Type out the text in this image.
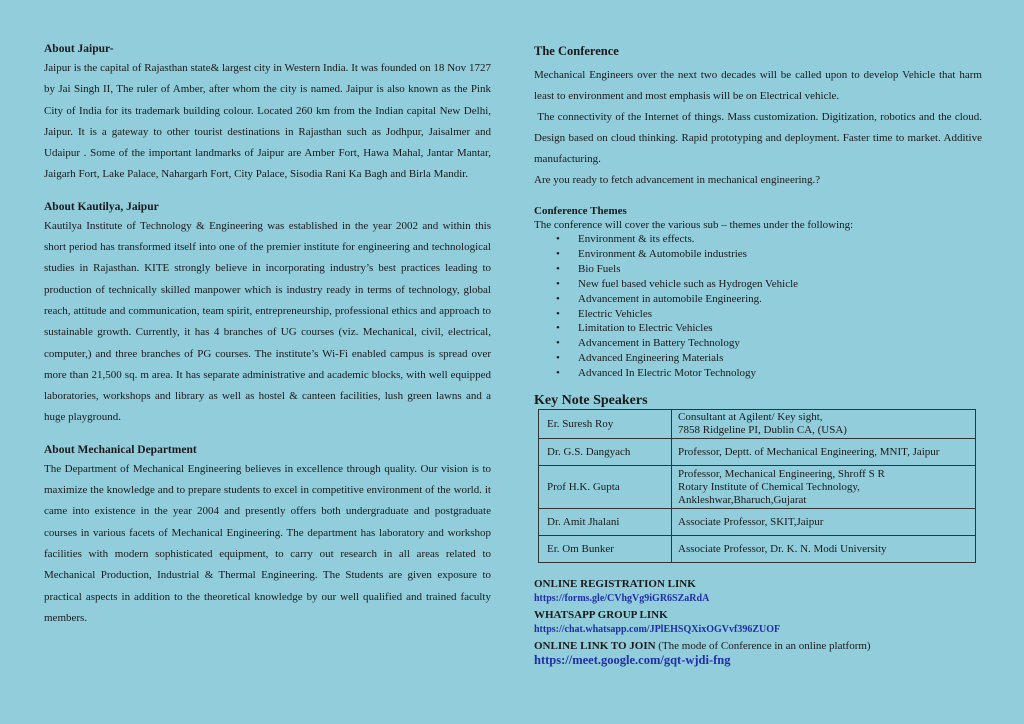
About Jaipur-

Jaipur is the capital of Rajasthan state& largest city in Western India. It was founded on 18 Nov 1727 by Jai Singh II, The ruler of Amber, after whom the city is named. Jaipur is also known as the Pink City of India for its trademark building colour. Located 260 km from the Indian capital New Delhi, Jaipur. It is a gateway to other tourist destinations in Rajasthan such as Jodhpur, Jaisalmer and Udaipur . Some of the important landmarks of Jaipur are Amber Fort, Hawa Mahal, Jantar Mantar, Jaigarh Fort, Lake Palace, Nahargarh Fort, City Palace, Sisodia Rani Ka Bagh and Birla Mandir.

About Kautilya, Jaipur

Kautilya Institute of Technology & Engineering was established in the year 2002 and within this short period has transformed itself into one of the premier institute for engineering and technological studies in Rajasthan. KITE strongly believe in incorporating industry’s best practices leading to production of technically skilled manpower which is industry ready in terms of technology, global reach, attitude and communication, team spirit, entrepreneurship, professional ethics and approach to sustainable growth. Currently, it has 4 branches of UG courses (viz. Mechanical, civil, electrical, computer,) and three branches of PG courses. The institute’s Wi-Fi enabled campus is spread over more than 21,500 sq. m area. It has separate administrative and academic blocks, with well equipped laboratories, workshops and library as well as hostel & canteen facilities, lush green lawns and a huge playground.

About Mechanical Department

The Department of Mechanical Engineering believes in excellence through quality. Our vision is to maximize the knowledge and to prepare students to excel in competitive environment of the world. it came into existence in the year 2004 and presently offers both undergraduate and postgraduate courses in various facets of Mechanical Engineering. The department has laboratory and workshop facilities with modern sophisticated equipment, to carry out research in all areas related to Mechanical Production, Industrial & Thermal Engineering. The Students are given exposure to practical aspects in addition to the theoretical knowledge by our well qualified and trained faculty members.

The Conference

Mechanical Engineers over the next two decades will be called upon to develop Vehicle that harm least to environment and most emphasis will be on Electrical vehicle.

The connectivity of the Internet of things. Mass customization. Digitization, robotics and the cloud. Design based on cloud thinking. Rapid prototyping and deployment. Faster time to market. Additive manufacturing.

Are you ready to fetch advancement in mechanical engineering.?

Conference Themes
The conference will cover the various sub – themes under the following:
• Environment & its effects.
• Environment & Automobile industries
• Bio Fuels
• New fuel based vehicle such as Hydrogen Vehicle
• Advancement in automobile Engineering.
• Electric Vehicles
• Limitation to Electric Vehicles
• Advancement in Battery Technology
• Advanced Engineering Materials
• Advanced In Electric Motor Technology
Key Note Speakers
Er. Suresh Roy	Consultant at Agilent/ Key sight,
7858 Ridgeline PI, Dublin CA, (USA)

Dr. G.S. Dangyach	Professor, Deptt. of Mechanical Engineering, MNIT, Jaipur

Prof H.K. Gupta	Professor, Mechanical Engineering, Shroff S R
Rotary Institute of Chemical Technology,
Ankleshwar,Bharuch,Gujarat

Dr. Amit Jhalani	Associate Professor, SKIT,Jaipur

Er. Om Bunker	Associate Professor, Dr. K. N. Modi University
ONLINE REGISTRATION LINK
https://forms.gle/CVhgVg9iGR6SZaRdA
WHATSAPP GROUP LINK
https://chat.whatsapp.com/JPlEHSQXixOGVvf396ZUOF
ONLINE LINK TO JOIN (The mode of Conference in an online platform)
https://meet.google.com/gqt-wjdi-fng
